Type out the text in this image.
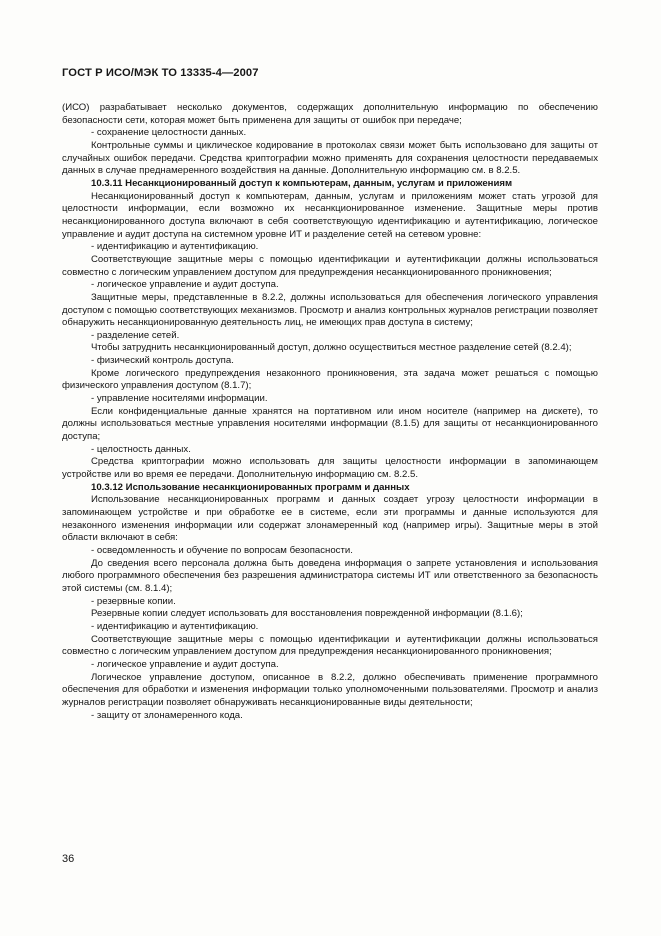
ГОСТ Р ИСО/МЭК ТО 13335-4—2007

(ИСО) разрабатывает несколько документов, содержащих дополнительную информацию по обеспечению безопасности сети, которая может быть применена для защиты от ошибок при передаче;

- сохранение целостности данных.

Контрольные суммы и циклическое кодирование в протоколах связи может быть использовано для защиты от случайных ошибок передачи. Средства криптографии можно применять для сохранения целостности передаваемых данных в случае преднамеренного воздействия на данные. Дополнительную информацию см. в 8.2.5.

10.3.11 Несанкционированный доступ к компьютерам, данным, услугам и приложениям

Несанкционированный доступ к компьютерам, данным, услугам и приложениям может стать угрозой для целостности информации, если возможно их несанкционированное изменение. Защитные меры против несанкционированного доступа включают в себя соответствующую идентификацию и аутентификацию, логическое управление и аудит доступа на системном уровне ИТ и разделение сетей на сетевом уровне:

- идентификацию и аутентификацию.

Соответствующие защитные меры с помощью идентификации и аутентификации должны использоваться совместно с логическим управлением доступом для предупреждения несанкционированного проникновения;

- логическое управление и аудит доступа.

Защитные меры, представленные в 8.2.2, должны использоваться для обеспечения логического управления доступом с помощью соответствующих механизмов. Просмотр и анализ контрольных журналов регистрации позволяет обнаружить несанкционированную деятельность лиц, не имеющих прав доступа в систему;

- разделение сетей.

Чтобы затруднить несанкционированный доступ, должно осуществиться местное разделение сетей (8.2.4);

- физический контроль доступа.

Кроме логического предупреждения незаконного проникновения, эта задача может решаться с помощью физического управления доступом (8.1.7);

- управление носителями информации.

Если конфиденциальные данные хранятся на портативном или ином носителе (например на дискете), то должны использоваться местные управления носителями информации (8.1.5) для защиты от несанкционированного доступа;

- целостность данных.

Средства криптографии можно использовать для защиты целостности информации в запоминающем устройстве или во время ее передачи. Дополнительную информацию см. 8.2.5.

10.3.12 Использование несанкционированных программ и данных

Использование несанкционированных программ и данных создает угрозу целостности информации в запоминающем устройстве и при обработке ее в системе, если эти программы и данные используются для незаконного изменения информации или содержат злонамеренный код (например игры). Защитные меры в этой области включают в себя:

- осведомленность и обучение по вопросам безопасности.

До сведения всего персонала должна быть доведена информация о запрете установления и использования любого программного обеспечения без разрешения администратора системы ИТ или ответственного за безопасность этой системы (см. 8.1.4);

- резервные копии.

Резервные копии следует использовать для восстановления поврежденной информации (8.1.6);

- идентификацию и аутентификацию.

Соответствующие защитные меры с помощью идентификации и аутентификации должны использоваться совместно с логическим управлением доступом для предупреждения несанкционированного проникновения;

- логическое управление и аудит доступа.

Логическое управление доступом, описанное в 8.2.2, должно обеспечивать применение программного обеспечения для обработки и изменения информации только уполномоченными пользователями. Просмотр и анализ журналов регистрации позволяет обнаруживать несанкционированные виды деятельности;

- защиту от злонамеренного кода.

36
